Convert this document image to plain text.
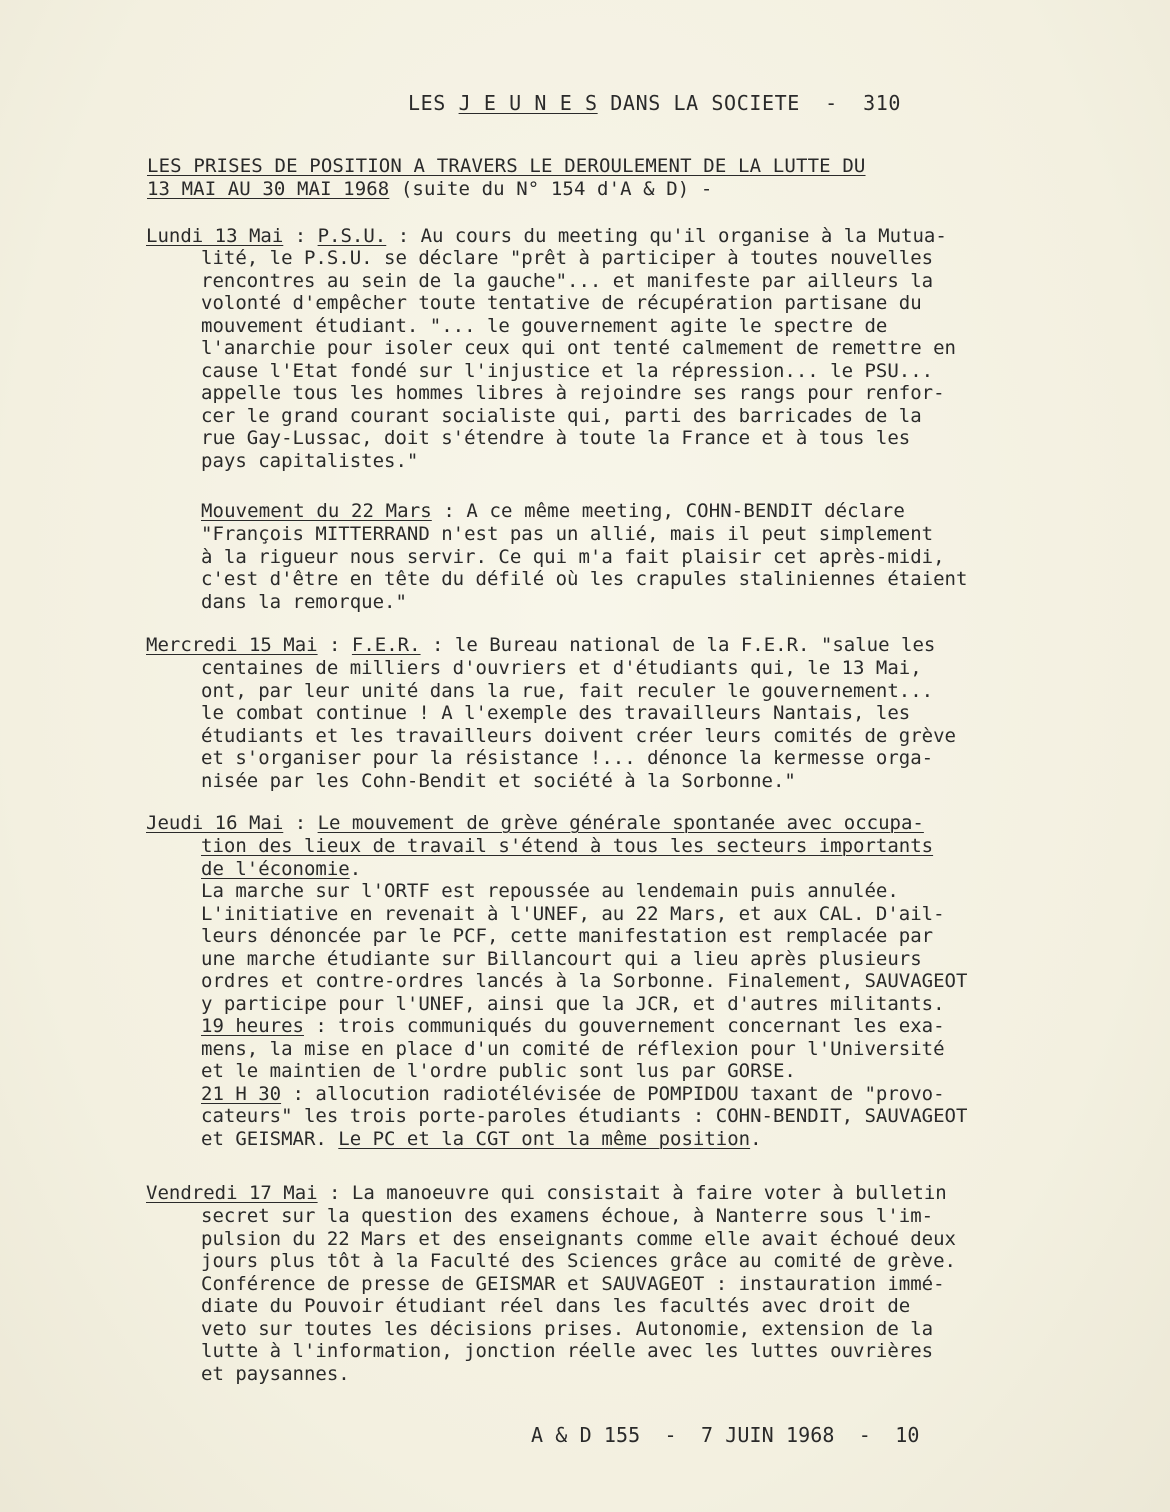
LES J E U N E S DANS LA SOCIETE  -  310
LES PRISES DE POSITION A TRAVERS LE DEROULEMENT DE LA LUTTE DU
13 MAI AU 30 MAI 1968 (suite du N° 154 d'A & D) -
Lundi 13 Mai : P.S.U. : Au cours du meeting qu'il organise à la Mutua-
lité, le P.S.U. se déclare "prêt à participer à toutes nouvelles
rencontres au sein de la gauche"... et manifeste par ailleurs la
volonté d'empêcher toute tentative de récupération partisane du
mouvement étudiant. "... le gouvernement agite le spectre de
l'anarchie pour isoler ceux qui ont tenté calmement de remettre en
cause l'Etat fondé sur l'injustice et la répression... le PSU...
appelle tous les hommes libres à rejoindre ses rangs pour renfor-
cer le grand courant socialiste qui, parti des barricades de la
rue Gay-Lussac, doit s'étendre à toute la France et à tous les
pays capitalistes."
Mouvement du 22 Mars : A ce même meeting, COHN-BENDIT déclare
"François MITTERRAND n'est pas un allié, mais il peut simplement
à la rigueur nous servir. Ce qui m'a fait plaisir cet après-midi,
c'est d'être en tête du défilé où les crapules staliniennes étaient
dans la remorque."
Mercredi 15 Mai : F.E.R. : le Bureau national de la F.E.R. "salue les
centaines de milliers d'ouvriers et d'étudiants qui, le 13 Mai,
ont, par leur unité dans la rue, fait reculer le gouvernement...
le combat continue ! A l'exemple des travailleurs Nantais, les
étudiants et les travailleurs doivent créer leurs comités de grève
et s'organiser pour la résistance !... dénonce la kermesse orga-
nisée par les Cohn-Bendit et société à la Sorbonne."
Jeudi 16 Mai : Le mouvement de grève générale spontanée avec occupa-
tion des lieux de travail s'étend à tous les secteurs importants
de l'économie.
La marche sur l'ORTF est repoussée au lendemain puis annulée.
L'initiative en revenait à l'UNEF, au 22 Mars, et aux CAL. D'ail-
leurs dénoncée par le PCF, cette manifestation est remplacée par
une marche étudiante sur Billancourt qui a lieu après plusieurs
ordres et contre-ordres lancés à la Sorbonne. Finalement, SAUVAGEOT
y participe pour l'UNEF, ainsi que la JCR, et d'autres militants.
19 heures : trois communiqués du gouvernement concernant les exa-
mens, la mise en place d'un comité de réflexion pour l'Université
et le maintien de l'ordre public sont lus par GORSE.
21 H 30 : allocution radiotélévisée de POMPIDOU taxant de "provo-
cateurs" les trois porte-paroles étudiants : COHN-BENDIT, SAUVAGEOT
et GEISMAR. Le PC et la CGT ont la même position.
Vendredi 17 Mai : La manoeuvre qui consistait à faire voter à bulletin
secret sur la question des examens échoue, à Nanterre sous l'im-
pulsion du 22 Mars et des enseignants comme elle avait échoué deux
jours plus tôt à la Faculté des Sciences grâce au comité de grève.
Conférence de presse de GEISMAR et SAUVAGEOT : instauration immé-
diate du Pouvoir étudiant réel dans les facultés avec droit de
veto sur toutes les décisions prises. Autonomie, extension de la
lutte à l'information, jonction réelle avec les luttes ouvrières
et paysannes.
A & D 155  -  7 JUIN 1968  -  10
